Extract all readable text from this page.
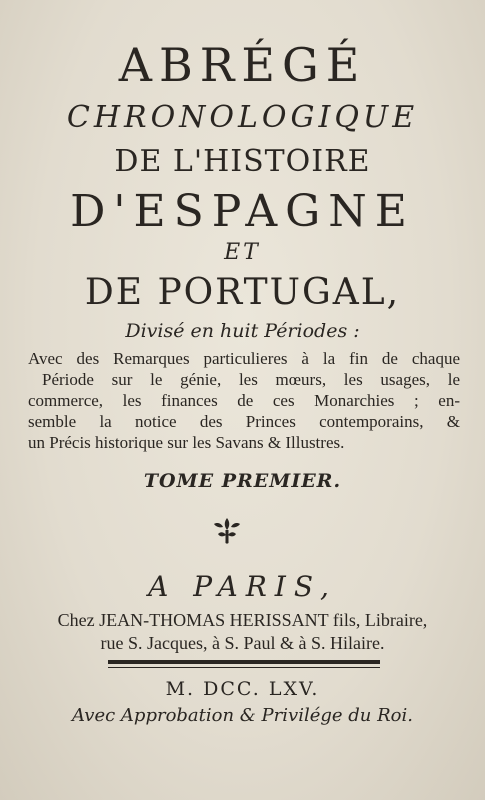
ABRÉGÉ
CHRONOLOGIQUE
DE L'HISTOIRE
D'ESPAGNE
ET
DE PORTUGAL,
Divisé en huit Périodes :
Avec des Remarques particulieres à la fin de chaque
Période sur le génie, les mœurs, les usages, le
commerce, les finances de ces Monarchies ; en-
semble la notice des Princes contemporains, &
un Précis historique sur les Savans & Illustres.
TOME PREMIER.
A PARIS,
Chez JEAN-THOMAS HERISSANT fils, Libraire,
rue S. Jacques, à S. Paul & à S. Hilaire.
M. DCC. LXV.
Avec Approbation & Privilége du Roi.
